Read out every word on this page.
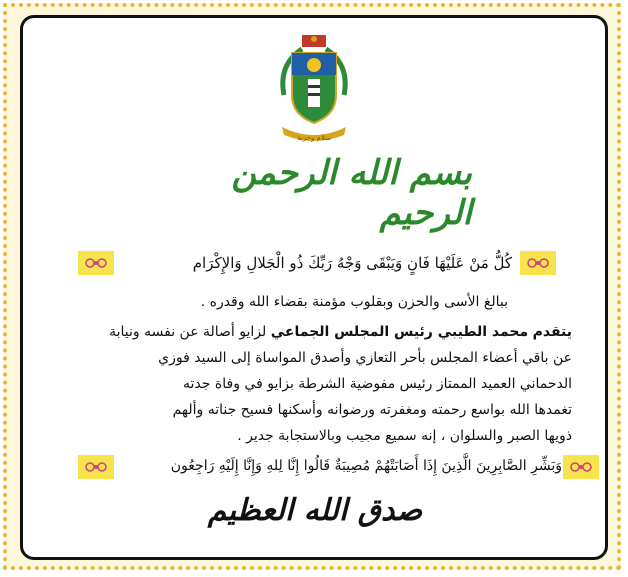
سلام وحرية
بسم الله الرحمن الرحيم
كُلُّ مَنْ عَلَيْهَا فَانٍ وَيَبْقَى وَجْهُ رَبِّكَ ذُو الْجَلالِ وَالإِكْرَام
ببالغ الأسى والحزن وبقلوب مؤمنة بقضاء الله وقدره .
يتقدم محمد الطيبي رئيس المجلس الجماعي لزايو أصالة عن نفسه ونيابة
عن باقي أعضاء المجلس بأحر التعازي وأصدق المواساة إلى السيد فوزي
الدحماني العميد الممتاز رئيس مفوضية الشرطة بزايو في وفاة جدته
تغمدها الله بواسع رحمته ومغفرته ورضوانه وأسكنها فسيح جناته وألهم
ذويها الصبر والسلوان ، إنه سميع مجيب وبالاستجابة جدير .
وَبَشِّرِ الصَّابِرِينَ الَّذِينَ إِذَا أَصَابَتْهُمْ مُصِيبَةٌ قَالُوا إِنَّا لِلهِ وَإِنَّا إِلَيْهِ رَاجِعُون
صدق الله العظيم
